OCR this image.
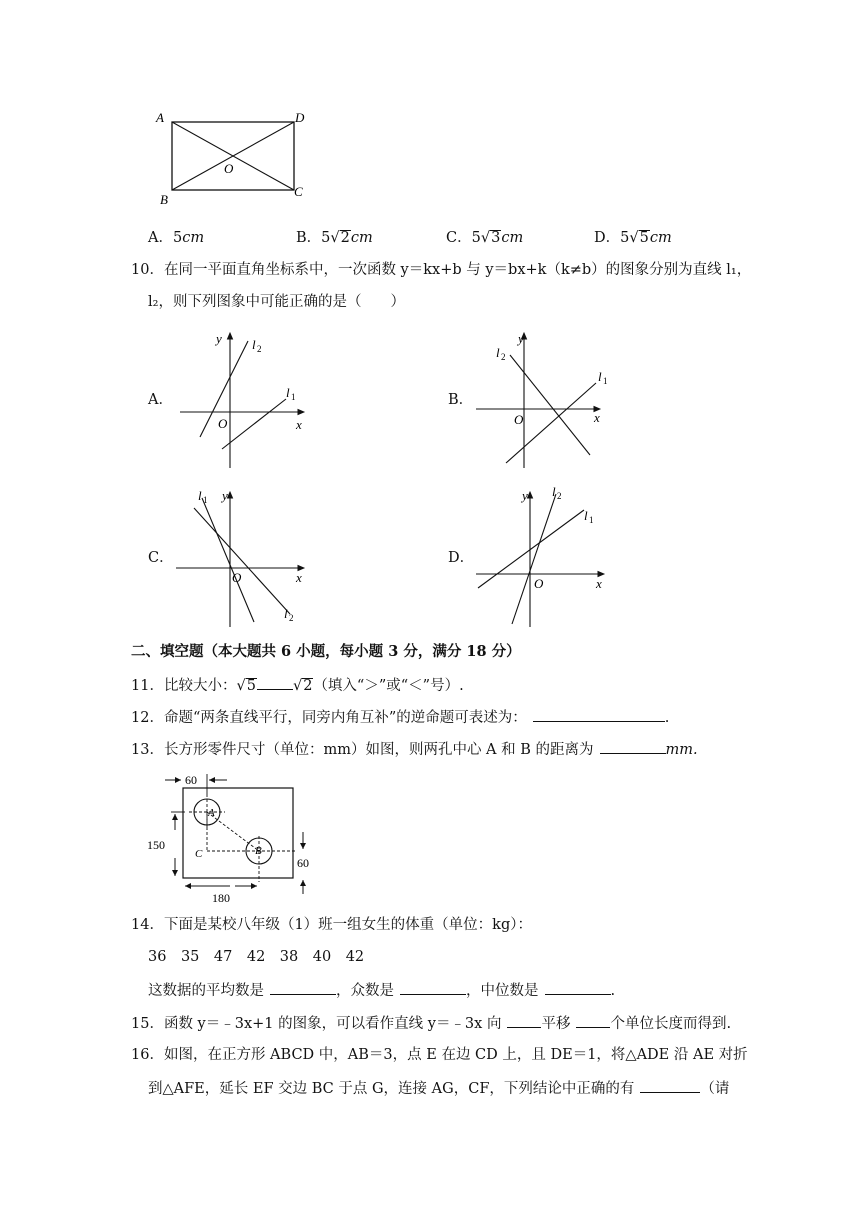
A	D
B
C
O
A．5cm	B．5√2cm	C．5√3cm	D．5√5cm
10．在同一平面直角坐标系中，一次函数 y＝kx+b 与 y＝bx+k（k≠b）的图象分别为直线 l₁，
l₂，则下列图象中可能正确的是（　　）
A．	B．
C．	D．
y
x
O
l 2
l 1
y
x
O
l 2
l 1
y
x
O
l 1
l 2
y
x
O
l 2
l 1
二、填空题（本大题共 6 小题，每小题 3 分，满分 18 分）
11．比较大小：√5	√2（填入“＞”或“＜”号）.
12．命题“两条直线平行，同旁内角互补”的逆命题可表述为：	.
13．长方形零件尺寸（单位：mm）如图，则两孔中心 A 和 B 的距离为	mm.
60
150
60
180
A
B
C
14．下面是某校八年级（1）班一组女生的体重（单位：kg）：
36　35　47　42　38　40　42
这数据的平均数是	，众数是	，中位数是	.
15．函数 y＝﹣3x+1 的图象，可以看作直线 y＝﹣3x 向	平移	个单位长度而得到.
16．如图，在正方形 ABCD 中，AB＝3，点 E 在边 CD 上，且 DE＝1，将△ADE 沿 AE 对折
到△AFE，延长 EF 交边 BC 于点 G，连接 AG，CF，下列结论中正确的有	（请
